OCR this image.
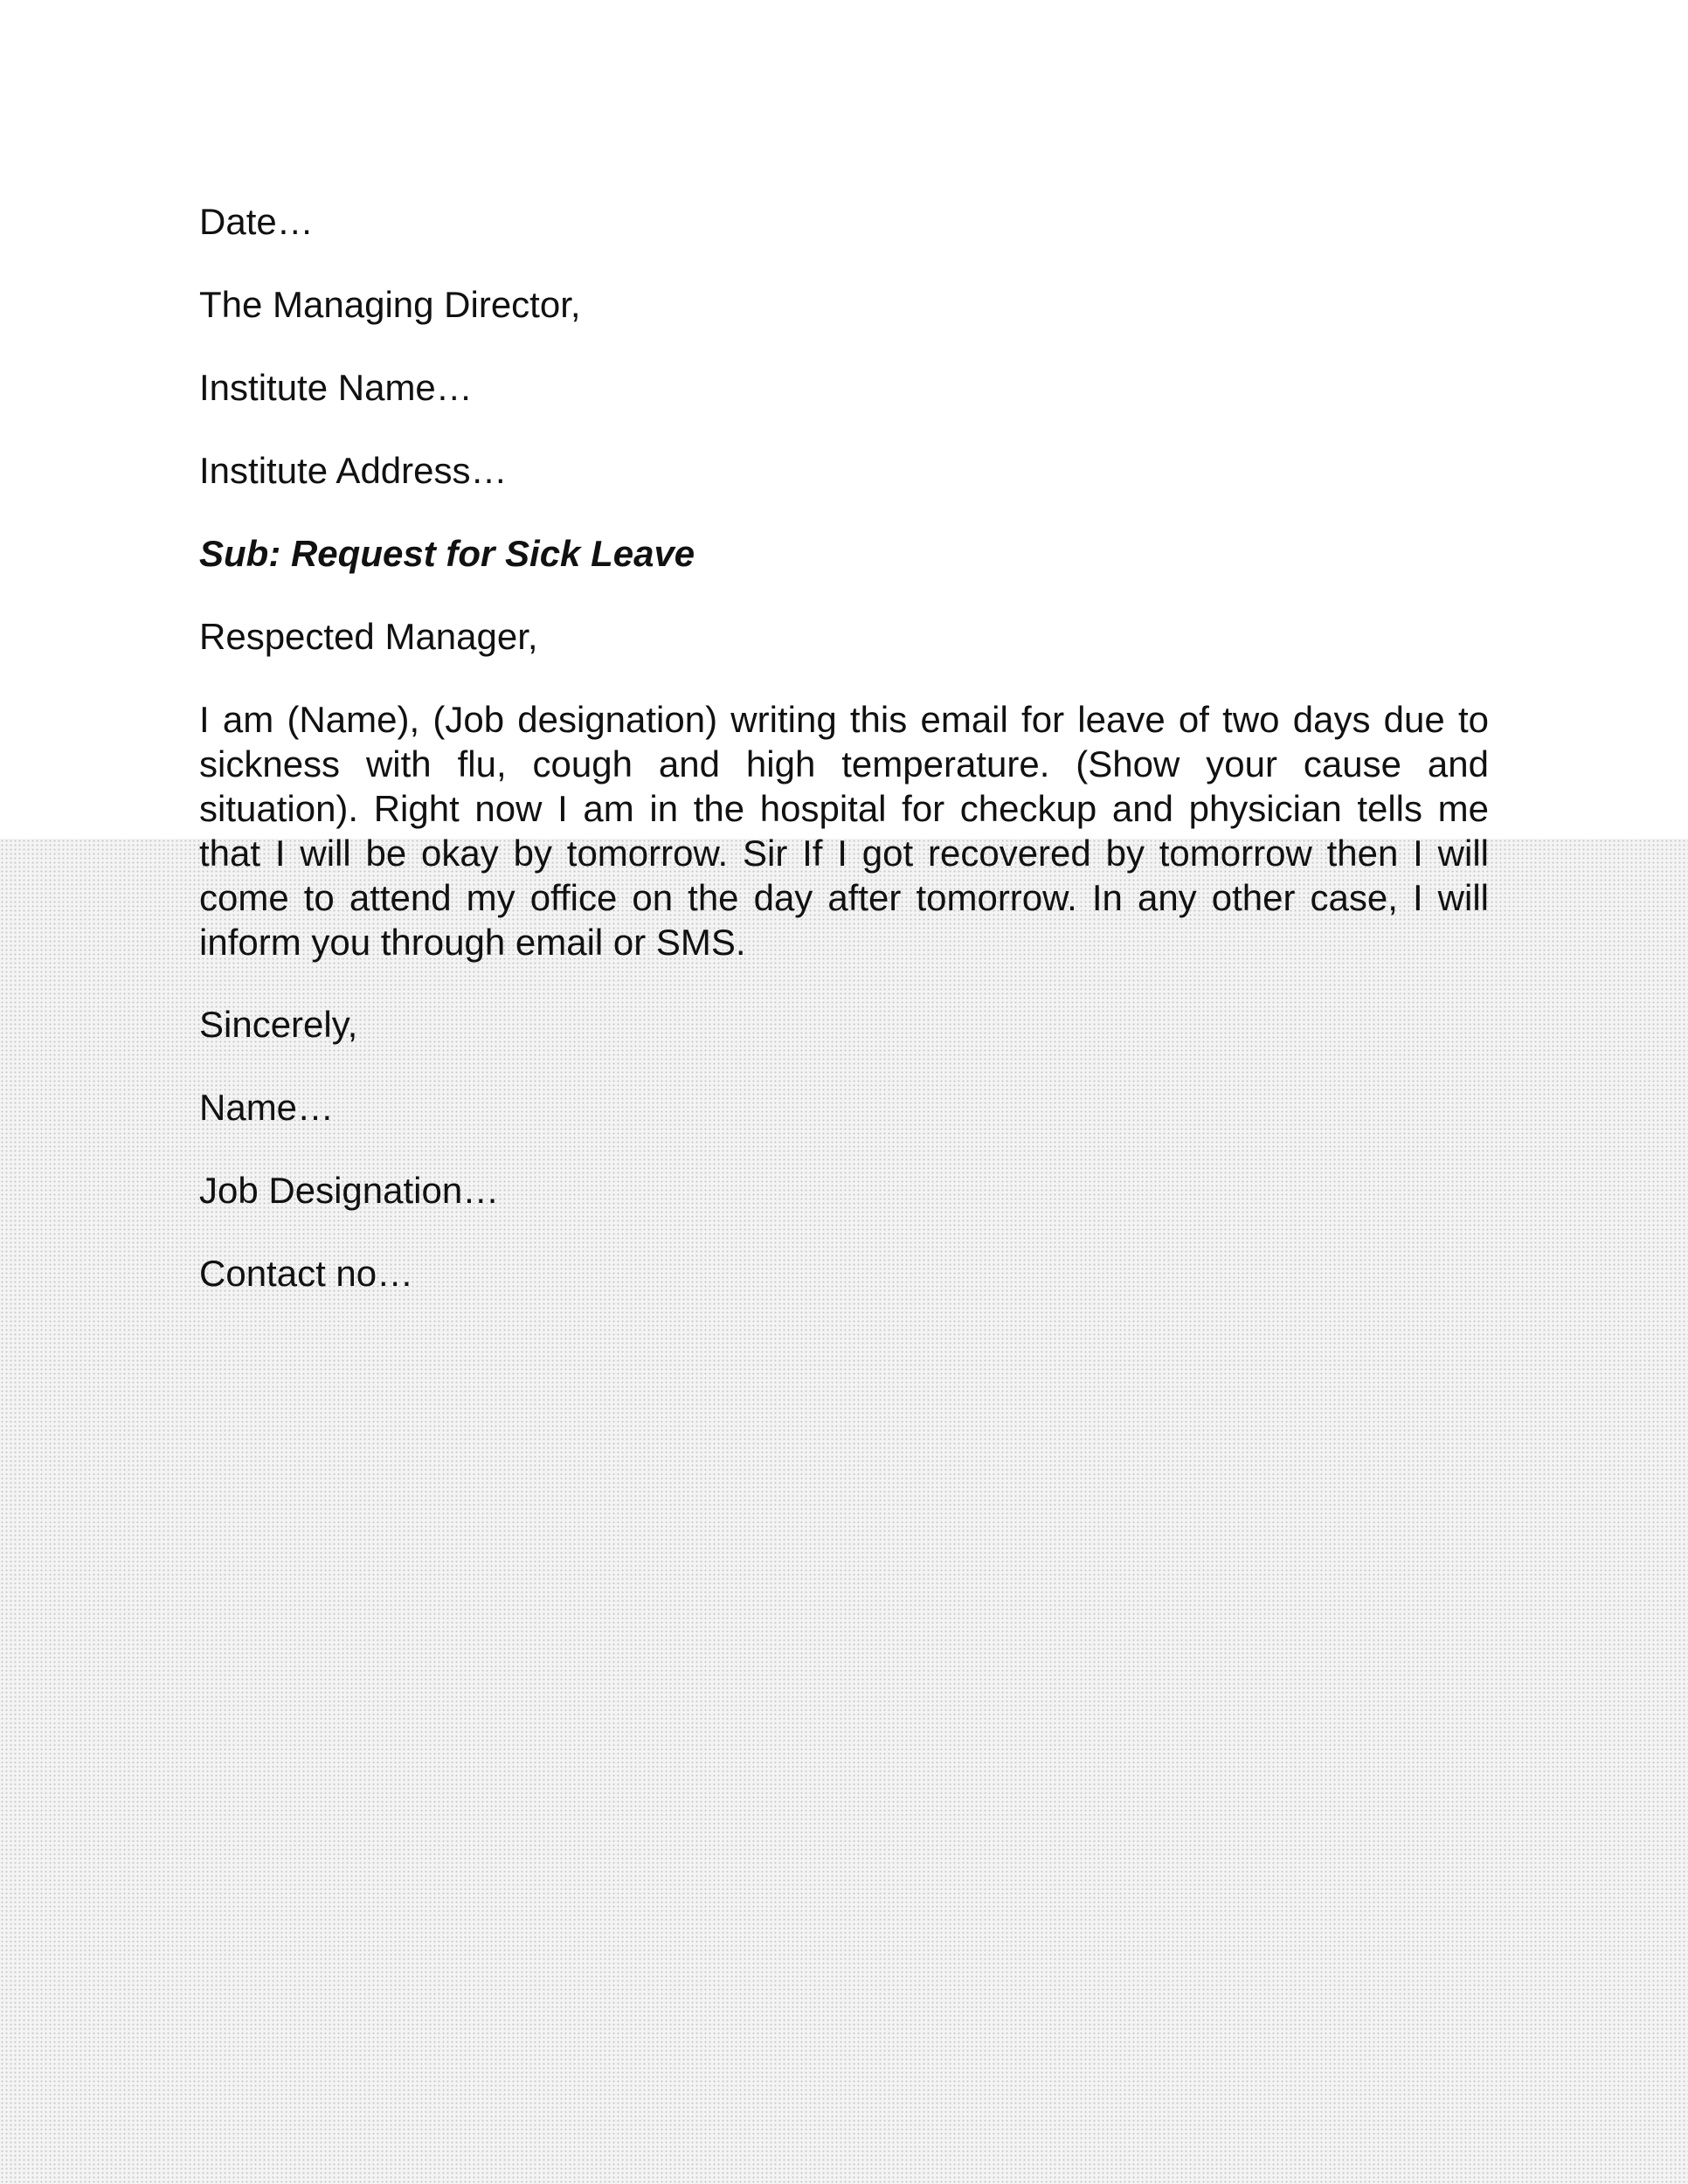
Date…
The Managing Director,
Institute Name…
Institute Address…
Sub: Request for Sick Leave
Respected Manager,
I am (Name), (Job designation) writing this email for leave of two days due to sickness with flu, cough and high temperature. (Show your cause and situation). Right now I am in the hospital for checkup and physician tells me that I will be okay by tomorrow. Sir If I got recovered by tomorrow then I will come to attend my office on the day after tomorrow. In any other case, I will inform you through email or SMS.
Sincerely,
Name…
Job Designation…
Contact no…
